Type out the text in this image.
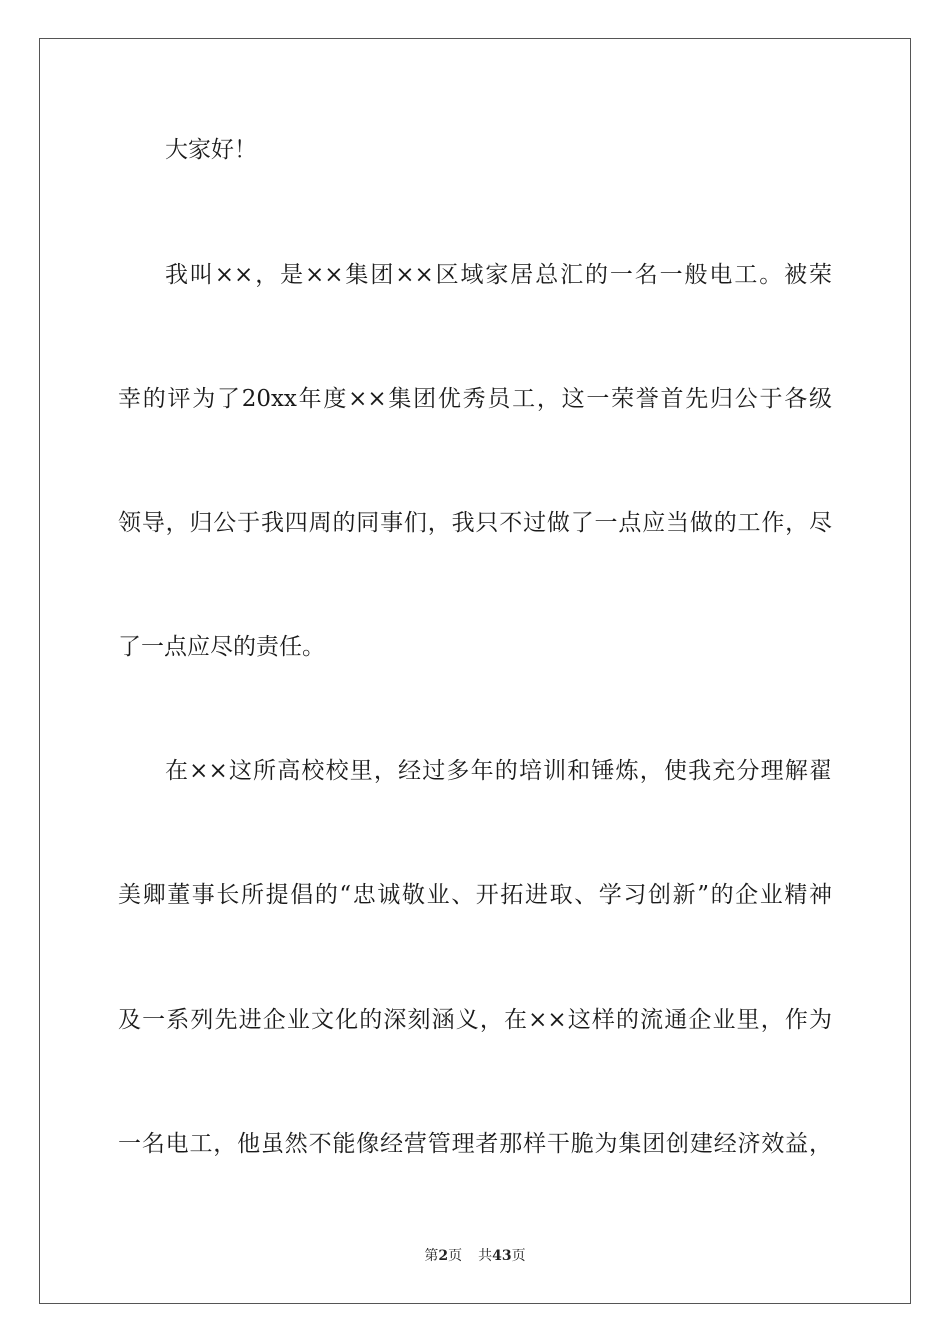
大家好！
我叫××，是××集团××区域家居总汇的一名一般电工。被荣
幸的评为了20xx年度××集团优秀员工，这一荣誉首先归公于各级
领导，归公于我四周的同事们，我只不过做了一点应当做的工作，尽
了一点应尽的责任。
在××这所高校校里，经过多年的培训和锤炼，使我充分理解翟
美卿董事长所提倡的“忠诚敬业、开拓进取、学习创新”的企业精神
及一系列先进企业文化的深刻涵义，在××这样的流通企业里，作为
一名电工，他虽然不能像经营管理者那样干脆为集团创建经济效益，
第2页 共43页
